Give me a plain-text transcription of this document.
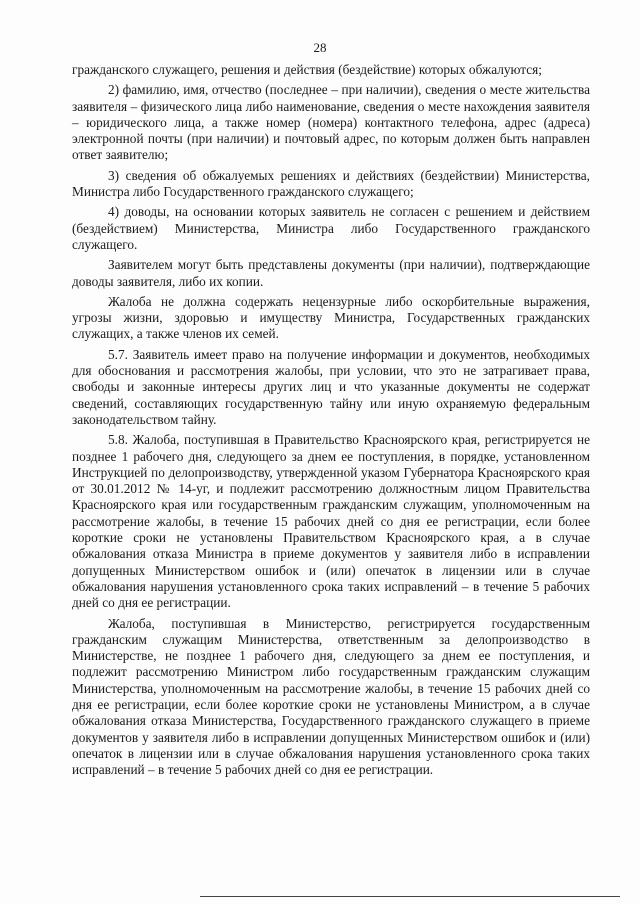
28

гражданского служащего, решения и действия (бездействие) которых обжалуются;

2) фамилию, имя, отчество (последнее – при наличии), сведения о месте жительства заявителя – физического лица либо наименование, сведения о месте нахождения заявителя – юридического лица, а также номер (номера) контактного телефона, адрес (адреса) электронной почты (при наличии) и почтовый адрес, по которым должен быть направлен ответ заявителю;

3) сведения об обжалуемых решениях и действиях (бездействии) Министерства, Министра либо Государственного гражданского служащего;

4) доводы, на основании которых заявитель не согласен с решением и действием (бездействием) Министерства, Министра либо Государственного гражданского служащего.

Заявителем могут быть представлены документы (при наличии), подтверждающие доводы заявителя, либо их копии.

Жалоба не должна содержать нецензурные либо оскорбительные выражения, угрозы жизни, здоровью и имуществу Министра, Государственных гражданских служащих, а также членов их семей.

5.7. Заявитель имеет право на получение информации и документов, необходимых для обоснования и рассмотрения жалобы, при условии, что это не затрагивает права, свободы и законные интересы других лиц и что указанные документы не содержат сведений, составляющих государственную тайну или иную охраняемую федеральным законодательством тайну.

5.8. Жалоба, поступившая в Правительство Красноярского края, регистрируется не позднее 1 рабочего дня, следующего за днем ее поступления, в порядке, установленном Инструкцией по делопроизводству, утвержденной указом Губернатора Красноярского края от 30.01.2012 № 14-уг, и подлежит рассмотрению должностным лицом Правительства Красноярского края или государственным гражданским служащим, уполномоченным на рассмотрение жалобы, в течение 15 рабочих дней со дня ее регистрации, если более короткие сроки не установлены Правительством Красноярского края, а в случае обжалования отказа Министра в приеме документов у заявителя либо в исправлении допущенных Министерством ошибок и (или) опечаток в лицензии или в случае обжалования нарушения установленного срока таких исправлений – в течение 5 рабочих дней со дня ее регистрации.

Жалоба, поступившая в Министерство, регистрируется государственным гражданским служащим Министерства, ответственным за делопроизводство в Министерстве, не позднее 1 рабочего дня, следующего за днем ее поступления, и подлежит рассмотрению Министром либо государственным гражданским служащим Министерства, уполномоченным на рассмотрение жалобы, в течение 15 рабочих дней со дня ее регистрации, если более короткие сроки не установлены Министром, а в случае обжалования отказа Министерства, Государственного гражданского служащего в приеме документов у заявителя либо в исправлении допущенных Министерством ошибок и (или) опечаток в лицензии или в случае обжалования нарушения установленного срока таких исправлений – в течение 5 рабочих дней со дня ее регистрации.
